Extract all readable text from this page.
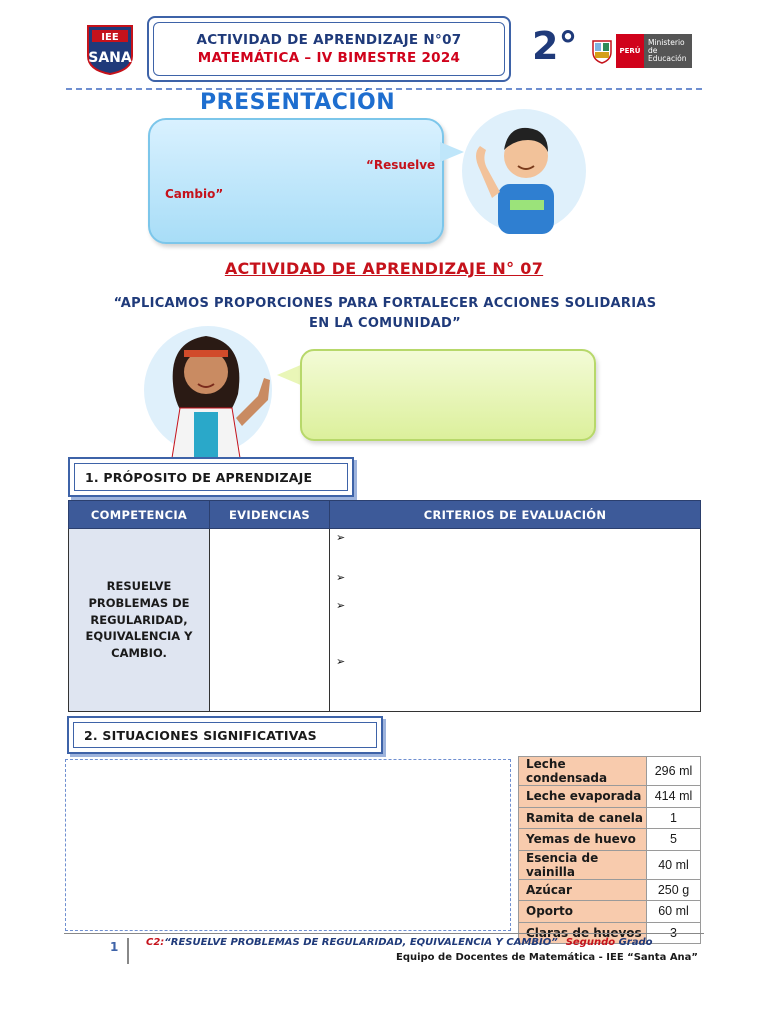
IEE
SANA
ACTIVIDAD DE APRENDIZAJE N°07
MATEMÁTICA – IV BIMESTRE 2024 2°	PERÚ
Ministerio de Educación
PRESENTACIÓN
“Resuelve
Cambio”
ACTIVIDAD DE APRENDIZAJE N° 07
“APLICAMOS PROPORCIONES PARA FORTALECER ACCIONES SOLIDARIAS
EN LA COMUNIDAD”
1. PRÓPOSITO DE APRENDIZAJE
COMPETENCIA	EVIDENCIAS	CRITERIOS DE EVALUACIÓN
RESUELVE PROBLEMAS DE REGULARIDAD, EQUIVALENCIA Y CAMBIO.		➢
➢
➢
➢
2. SITUACIONES SIGNIFICATIVAS
Leche condensada	296 ml
Leche evaporada	414 ml
Ramita de canela	1
Yemas de huevo	5
Esencia de vainilla	40 ml
Azúcar	250 g
Oporto	60 ml
Claras de huevos	3
1	C2:“RESUELVE PROBLEMAS DE REGULARIDAD, EQUIVALENCIA Y CAMBIO” Segundo Grado
Equipo de Docentes de Matemática - IEE “Santa Ana”
